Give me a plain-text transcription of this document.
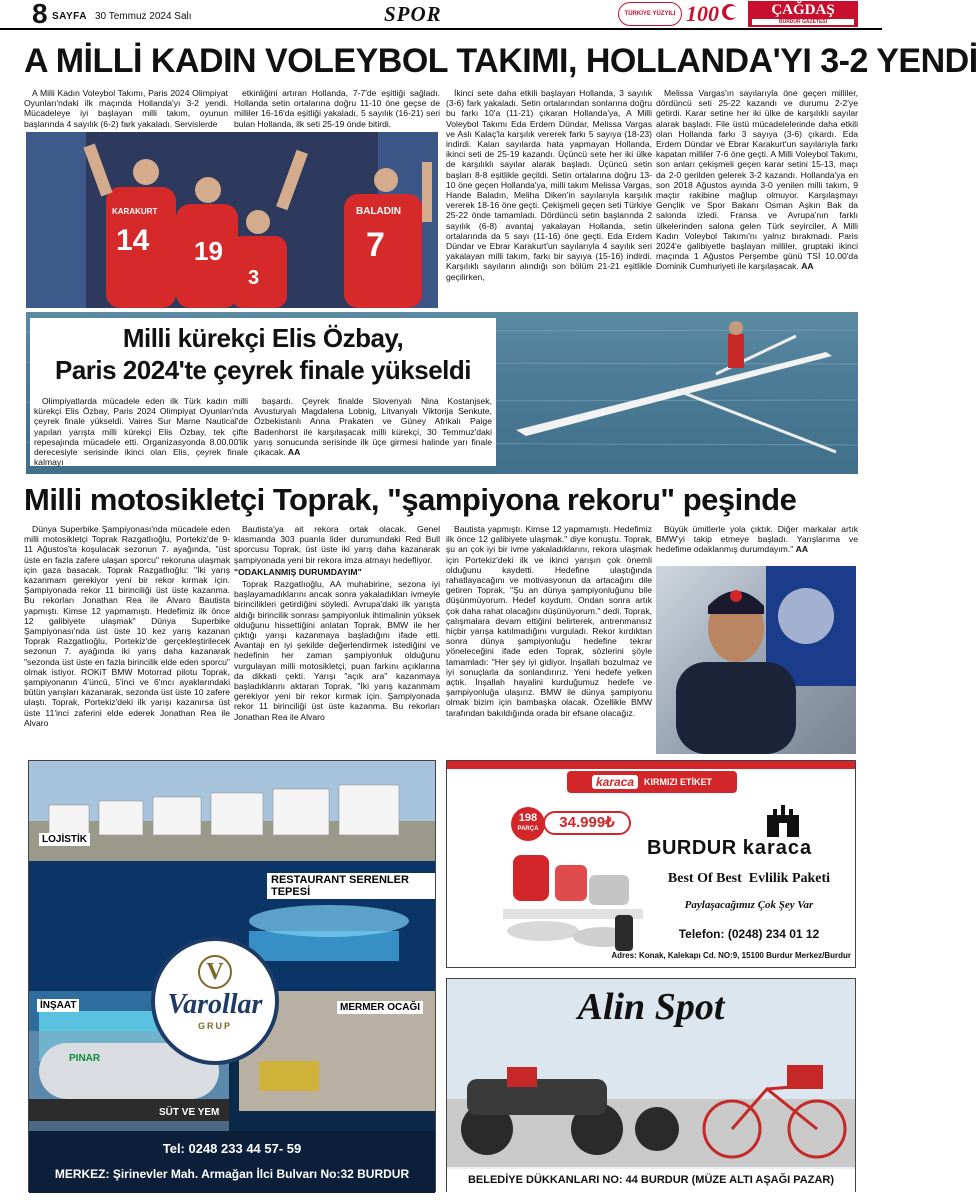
8 SAYFA 30 Temmuz 2024 Salı	SPOR	TÜRKİYE YÜZYILI 100	ÇAĞDAŞ
BURDUR GAZETESİ
A MİLLİ KADIN VOLEYBOL TAKIMI, HOLLANDA'YI 3-2 YENDİ

A Milli Kadın Voleybol Takımı, Paris 2024 Olimpiyat Oyunları'ndaki ilk maçında Hollanda'yı 3-2 yendi. Mücadeleye iyi başlayan milli takım, oyunun başlarında 4 sayılık (6-2) fark yakaladı. Servislerde

etkinliğini artıran Hollanda, 7-7'de eşitliği sağladı. Hollanda setin ortalarına doğru 11-10 öne geçse de milliler 16-16'da eşitliği yakaladı, 5 sayılık (16-21) seri bulan Hollanda, ilk seti 25-19 önde bitirdi.

14 19
3
7
KARAKURT	BALADIN

İkinci sete daha etkili başlayan Hollanda, 3 sayılık (3-6) fark yakaladı. Setin ortalarından sonlarına doğru bu farkı 10'a (11-21) çıkaran Hollanda'ya, A Milli Voleybol Takımı Eda Erdem Dündar, Melissa Vargas ve Aslı Kalaç'la karşılık vererek farkı 5 sayıya (18-23) indirdi. Kalan sayılarda hata yapmayan Hollanda, ikinci seti de 25-19 kazandı. Üçüncü sete her iki ülke de karşılıklı sayılar alarak başladı. Üçüncü setin başları 8-8 eşitlikle geçildi. Setin ortalarına doğru 13-10 öne geçen Hollanda'ya, milli takım Melissa Vargas, Hande Baladın, Meliha Diken'in sayılarıyla karşılık vererek 18-16 öne geçti. Çekişmeli geçen seti Türkiye 25-22 önde tamamladı. Dördüncü setin başlarında 2 sayılık (6-8) avantaj yakalayan Hollanda, setin ortalarında da 5 sayı (11-16) öne geçti. Eda Erdem Dündar ve Ebrar Karakurt'un sayılarıyla 4 sayılık seri yakalayan milli takım, farkı bir sayıya (15-16) indirdi. Karşılıklı sayıların alındığı son bölüm 21-21 eşitlikle geçilirken,

Melissa Vargas'ın sayılarıyla öne geçen milliler, dördüncü seti 25-22 kazandı ve durumu 2-2'ye getirdi. Karar setine her iki ülke de karşılıklı sayılar alarak başladı. File üstü mücadelelerinde daha etkili olan Hollanda farkı 3 sayıya (3-6) çıkardı. Eda Erdem Dündar ve Ebrar Karakurt'un sayılarıyla farkı kapatan milliler 7-6 öne geçti. A Milli Voleybol Takımı, son anları çekişmeli geçen karar setini 15-13, maçı da 2-0 gerilden gelerek 3-2 kazandı. Hollanda'ya en son 2018 Ağustos ayında 3-0 yenilen milli takım, 9 maçtır rakibine mağlup olmuyor. Karşılaşmayı Gençlik ve Spor Bakanı Osman Aşkın Bak da salonda izledi. Fransa ve Avrupa'nın farklı ülkelerinden salona gelen Türk seyirciler, A Milli Kadın Voleybol Takımı'nı yalnız bırakmadı. Paris 2024'e galibiyetle başlayan milliler, gruptaki ikinci maçında 1 Ağustos Perşembe günü TSİ 10.00'da Dominik Cumhuriyeti ile karşılaşacak. AA

Milli kürekçi Elis Özbay,
Paris 2024'te çeyrek finale yükseldi

Olimpiyatlarda mücadele eden ilk Türk kadın milli kürekçi Elis Özbay, Paris 2024 Olimpiyat Oyunları'nda çeyrek finale yükseldi. Vaires Sur Marne Nautical'de yapılan yarışta milli kürekçi Elis Özbay, tek çifte repesajında mücadele etti. Organizasyonda 8.00.00'lik derecesiyle serisinde ikinci olan Elis, çeyrek finale kalmayı

başardı. Çeyrek finalde Slovenyalı Nina Kostanjsek, Avusturyalı Magdalena Lobnig, Litvanyalı Viktorija Senkute, Özbekistanlı Anna Prakaten ve Güney Afrikalı Paige Badenhorst ile karşılaşacak milli kürekçi, 30 Temmuz'daki yarış sonucunda serisinde ilk üçe girmesi halinde yarı finale çıkacak. AA

Milli motosikletçi Toprak, "şampiyona rekoru" peşinde

Dünya Superbike Şampiyonası'nda mücadele eden milli motosikletçi Toprak Razgatlıoğlu, Portekiz'de 9-11 Ağustos'ta koşulacak sezonun 7. ayağında, "üst üste en fazla zafere ulaşan sporcu" rekoruna ulaşmak için gaza basacak. Toprak Razgatlıoğlu: "İki yarış kazanmam gerekiyor yeni bir rekor kırmak için. Şampiyonada rekor 11 birinciliği üst üste kazanma. Bu rekorları Jonathan Rea ile Alvaro Bautista yapmıştı. Kimse 12 yapmamıştı. Hedefimiz ilk önce 12 galibiyete ulaşmak" Dünya Superbike Şampiyonası'nda üst üste 10 kez yarış kazanan Toprak Razgatlıoğlu, Portekiz'de gerçekleştirilecek sezonun 7. ayağında iki yarış daha kazanarak "sezonda üst üste en fazla birincilik elde eden sporcu" olmak istiyor. ROKiT BMW Motorrad pilotu Toprak, şampiyonanın 4'üncü, 5'inci ve 6'ıncı ayaklarındaki bütün yarışları kazanarak, sezonda üst üste 10 zafere ulaştı. Toprak, Portekiz'deki ilk yarışı kazanırsa üst üste 11'inci zaferini elde ederek Jonathan Rea ile Alvaro

Bautista'ya ait rekora ortak olacak. Genel klasmanda 303 puanla lider durumundaki Red Bull sporcusu Toprak, üst üste iki yarış daha kazanarak şampiyonada yeni bir rekora imza atmayı hedefliyor.

"ODAKLANMIŞ DURUMDAYIM"

Toprak Razgatlıoğlu, AA muhabirine, sezona iyi başlayamadıklarını ancak sonra yakaladıkları ivmeyle birincilikleri getirdiğini söyledi. Avrupa'daki ilk yarışta aldığı birincilik sonrası şampiyonluk ihtimalinin yüksek olduğunu hissettiğini anlatan Toprak, BMW ile her çıktığı yarışı kazanmaya başladığını ifade etti. Avantajı en iyi şekilde değerlendirmek istediğini ve hedefinin her zaman şampiyonluk olduğunu vurgulayan milli motosikletçi, puan farkını açıklarına da dikkati çekti. Yarışı "açık ara" kazanmaya başladıklarını aktaran Toprak, "İki yarış kazanmam gerekiyor yeni bir rekor kırmak için. Şampiyonada rekor 11 birinciliği üst üste kazanma. Bu rekorları Jonathan Rea ile Alvaro

Bautista yapmıştı. Kimse 12 yapmamıştı. Hedefimiz ilk önce 12 galibiyete ulaşmak." diye konuştu. Toprak, şu an çok iyi bir ivme yakaladıklarını, rekora ulaşmak için Portekiz'deki ilk ve ikinci yarışın çok önemli olduğunu kaydetti. Hedefine ulaştığında rahatlayacağını ve motivasyonun da artacağını dile getiren Toprak, "Şu an dünya şampiyonluğunu bile düşünmüyorum. Hedef koydum. Ondan sonra artık çok daha rahat olacağını düşünüyorum." dedi. Toprak, çalışmalara devam ettiğini belirterek, antrenmansız hiçbir yarışa katılmadığını vurguladı. Rekor kırdıktan sonra dünya şampiyonluğu hedefine tekrar yöneleceğini ifade eden Toprak, sözlerini şöyle tamamladı: "Her şey iyi gidiyor. İnşallah bozulmaz ve iyi sonuçlarla da sonlandırırız. Yeni hedefe yelken açtık. İnşallah hayalini kurduğumuz hedefe ve şampiyonluğa ulaşırız. BMW ile dünya şampiyonu olmak bizim için bambaşka olacak. Özellikle BMW tarafından bakıldığında orada bir efsane olacağız.

Büyük ümitlerle yola çıktık. Diğer markalar artık BMW'yi takip etmeye başladı. Yarışlarıma ve hedefime odaklanmış durumdayım." AA

PINAR
LOJİSTİK
RESTAURANT SERENLER TEPESİ
İNŞAAT	MERMER OCAĞI
SÜT VE YEM
V
Varollar
GRUP
Tel: 0248 233 44 57- 59
MERKEZ: Şirinevler Mah. Armağan İlci Bulvarı No:32 BURDUR
karaca	KIRMIZI ETİKET
198
PARÇA	34.999₺
BURDUR karaca
Best Of Best  Evlilik Paketi
Paylaşacağımız Çok Şey Var
Telefon: (0248) 234 01 12
Adres: Konak, Kalekapı Cd. NO:9, 15100 Burdur Merkez/Burdur
Alin Spot
BELEDİYE DÜKKANLARI NO: 44 BURDUR (MÜZE ALTI AŞAĞI PAZAR)
